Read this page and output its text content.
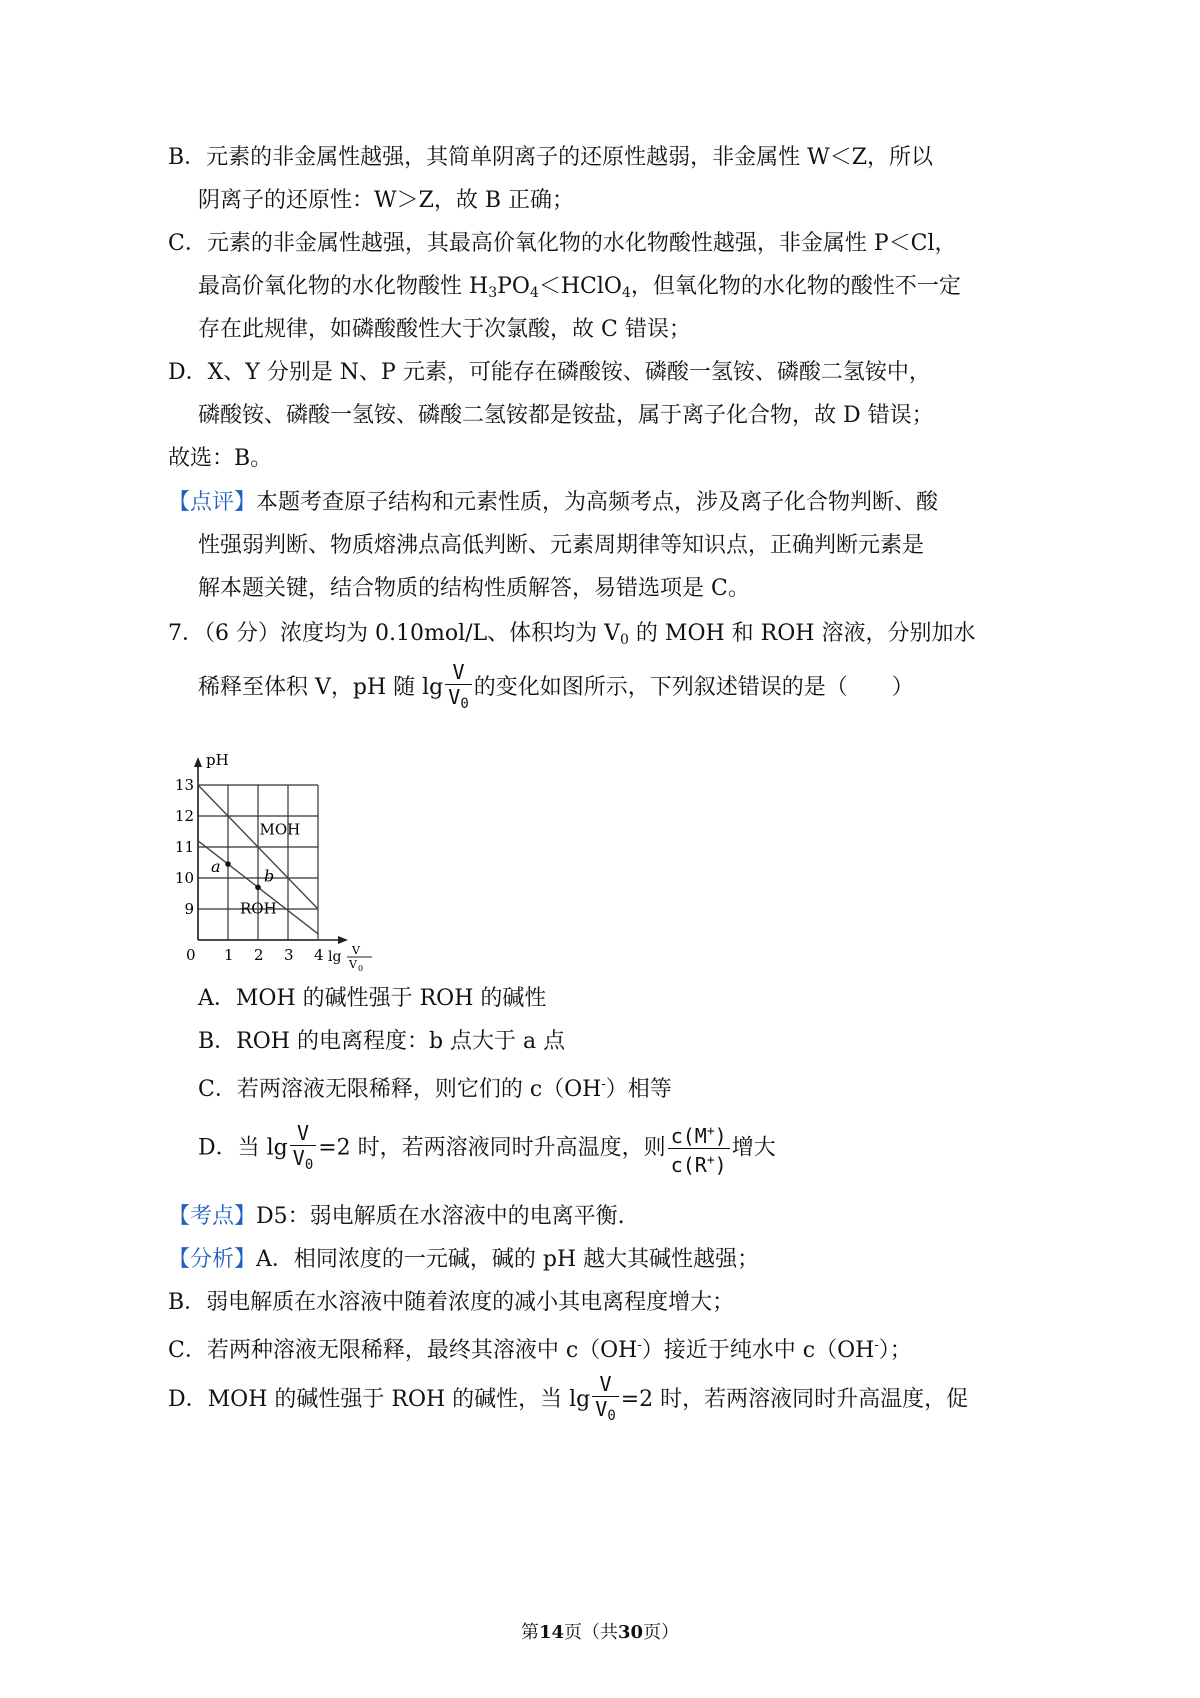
B．元素的非金属性越强，其简单阴离子的还原性越弱，非金属性 W＜Z，所以
阴离子的还原性：W＞Z，故 B 正确；
C．元素的非金属性越强，其最高价氧化物的水化物酸性越强，非金属性 P＜Cl，
最高价氧化物的水化物酸性 $H_3PO_4<HClO_4$，但氧化物的水化物的酸性不一定
存在此规律，如磷酸酸性大于次氯酸，故 C 错误；
D．X、Y 分别是 N、P 元素，可能存在磷酸铵、磷酸一氢铵、磷酸二氢铵中，
磷酸铵、磷酸一氢铵、磷酸二氢铵都是铵盐，属于离子化合物，故 D 错误；
故选：B。
【点评】本题考查原子结构和元素性质，为高频考点，涉及离子化合物判断、酸
性强弱判断、物质熔沸点高低判断、元素周期律等知识点，正确判断元素是
解本题关键，结合物质的结构性质解答，易错选项是 C。
7．（6 分）浓度均为 0.10mol/L、体积均为 $V_0$ 的 MOH 和 ROH 溶液，分别加水
稀释至体积 V，pH 随 $\lg \frac{V}{V_0}$ 的变化如图所示，下列叙述错误的是（　　）
MOH
ROH
a	b
9
10
11
12
13
pH
0 1 2 3 4 lg V
V 0
A．MOH 的碱性强于 ROH 的碱性
B．ROH 的电离程度：b 点大于 a 点
C．若两溶液无限稀释，则它们的 c（OH-）相等
D．当 $\lg \frac{V}{V_0} =2$ 时，若两溶液同时升高温度，则 $\frac{c(M^+)}{c(R^+)}$ 增大
【考点】D5：弱电解质在水溶液中的电离平衡.
【分析】A．相同浓度的一元碱，碱的 pH 越大其碱性越强；
B．弱电解质在水溶液中随着浓度的减小其电离程度增大；
C．若两种溶液无限稀释，最终其溶液中 c（OH-）接近于纯水中 c（OH-）；
D．MOH 的碱性强于 ROH 的碱性，当 $\lg \frac{V}{V_0} =2$ 时，若两溶液同时升高温度，促
第14页（共30页）
